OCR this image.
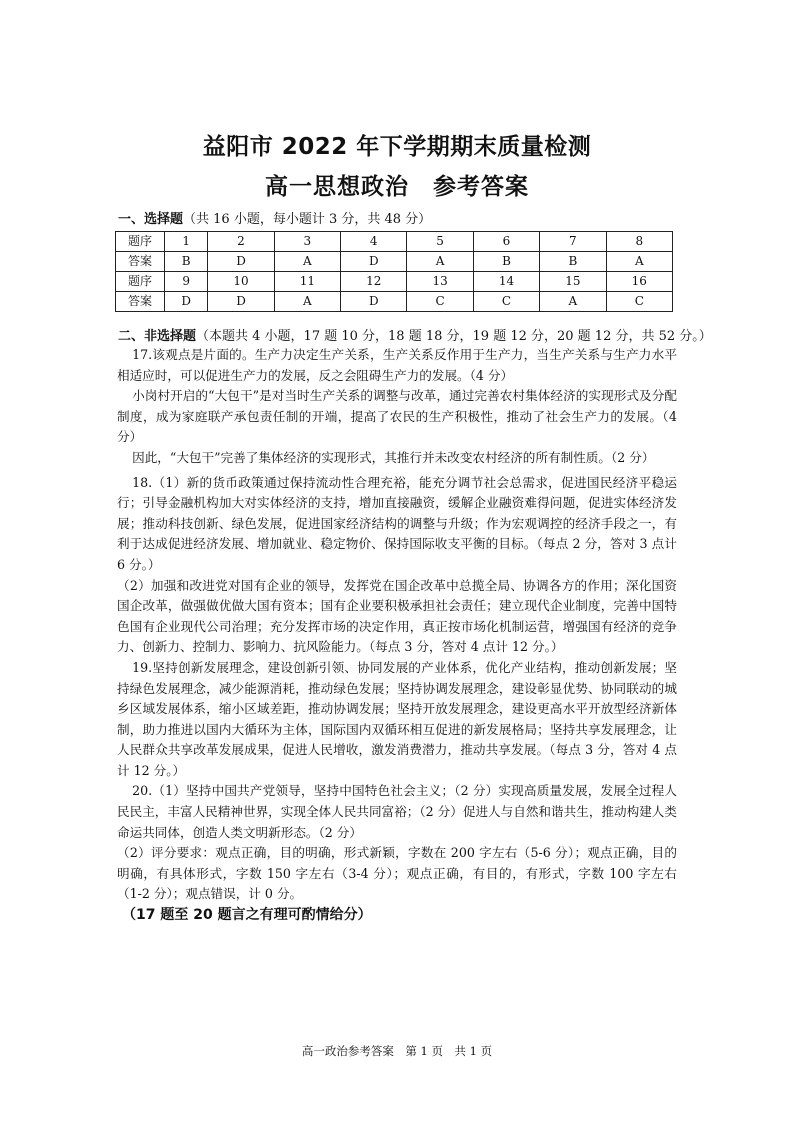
益阳市 2022 年下学期期末质量检测
高一思想政治　参考答案
一、选择题（共 16 小题，每小题计 3 分，共 48 分）
题序	1	2	3	4	5	6	7	8
答案	B	D	A	D	A	B	B	A
题序	9	10	11	12	13	14	15	16
答案	D	D	A	D	C	C	A	C
二、非选择题（本题共 4 小题，17 题 10 分，18 题 18 分，19 题 12 分，20 题 12 分，共 52 分。）

17.该观点是片面的。生产力决定生产关系，生产关系反作用于生产力，当生产关系与生产力水平相适应时，可以促进生产力的发展，反之会阻碍生产力的发展。（4 分）

小岗村开启的“大包干”是对当时生产关系的调整与改革，通过完善农村集体经济的实现形式及分配制度，成为家庭联产承包责任制的开端，提高了农民的生产积极性，推动了社会生产力的发展。（4 分）

因此，“大包干”完善了集体经济的实现形式，其推行并未改变农村经济的所有制性质。（2 分）

18.（1）新的货币政策通过保持流动性合理充裕，能充分调节社会总需求，促进国民经济平稳运行；引导金融机构加大对实体经济的支持，增加直接融资，缓解企业融资难得问题，促进实体经济发展；推动科技创新、绿色发展，促进国家经济结构的调整与升级；作为宏观调控的经济手段之一，有利于达成促进经济发展、增加就业、稳定物价、保持国际收支平衡的目标。（每点 2 分，答对 3 点计 6 分。）

（2）加强和改进党对国有企业的领导，发挥党在国企改革中总揽全局、协调各方的作用；深化国资国企改革，做强做优做大国有资本；国有企业要积极承担社会责任；建立现代企业制度，完善中国特色国有企业现代公司治理；充分发挥市场的决定作用，真正按市场化机制运营，增强国有经济的竞争力、创新力、控制力、影响力、抗风险能力。（每点 3 分，答对 4 点计 12 分。）

19.坚持创新发展理念，建设创新引领、协同发展的产业体系，优化产业结构，推动创新发展；坚持绿色发展理念，减少能源消耗，推动绿色发展；坚持协调发展理念，建设彰显优势、协同联动的城乡区域发展体系，缩小区域差距，推动协调发展；坚持开放发展理念，建设更高水平开放型经济新体制，助力推进以国内大循环为主体，国际国内双循环相互促进的新发展格局；坚持共享发展理念，让人民群众共享改革发展成果，促进人民增收，激发消费潜力，推动共享发展。（每点 3 分，答对 4 点计 12 分。）

20.（1）坚持中国共产党领导，坚持中国特色社会主义；（2 分）实现高质量发展，发展全过程人民民主，丰富人民精神世界，实现全体人民共同富裕；（2 分）促进人与自然和谐共生，推动构建人类命运共同体，创造人类文明新形态。（2 分）

（2）评分要求：观点正确，目的明确，形式新颖，字数在 200 字左右（5-6 分）；观点正确，目的明确，有具体形式，字数 150 字左右（3-4 分）；观点正确，有目的，有形式，字数 100 字左右（1-2 分）；观点错误，计 0 分。

（17 题至 20 题言之有理可酌情给分）
高一政治参考答案　第 1 页　共 1 页
